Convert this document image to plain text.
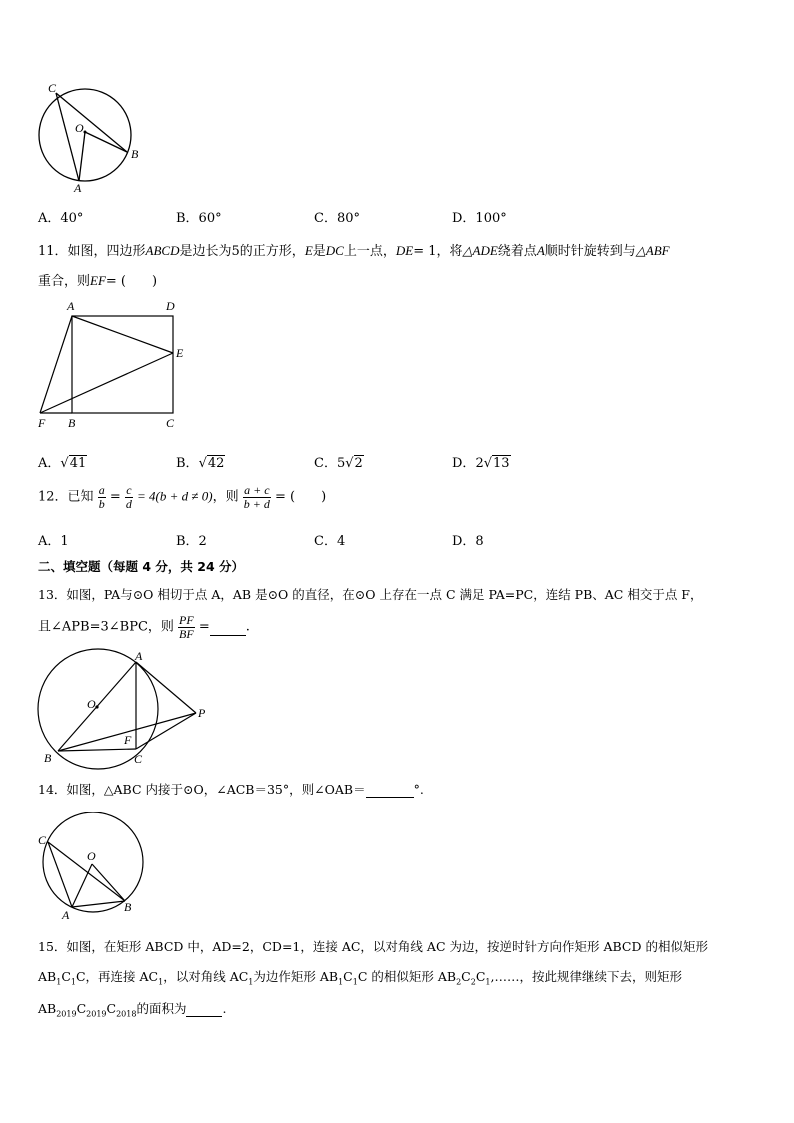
C
O
B
A
A．40°	B．60°	C．80°	D．100°
11．如图，四边形ABCD是边长为5的正方形，E是DC上一点，DE= 1，将△ADE绕着点A顺时针旋转到与△ABF
重合，则EF= (　　)
A	D
E
F B	C
A．√41	B．√42	C．5√2	D．2√13
12．已知 $\frac{a}{b} = \frac{c}{d} = 4(b + d \ne 0)$，则 $\frac{a + c}{b + d}$ = (　　)
A．1	B．2	C．4	D．8
二、填空题（每题 4 分，共 24 分）
13．如图，PA与⊙O 相切于点 A，AB 是⊙O 的直径，在⊙O 上存在一点 C 满足 PA=PC，连结 PB、AC 相交于点 F，
且∠APB=3∠BPC，则 $\frac{PF}{BF}$ =	.
A
O
P
F
B	C
14．如图，△ABC 内接于⊙O，∠ACB＝35°，则∠OAB＝	°.
C
O
A
B
15．如图，在矩形 ABCD 中，AD=2，CD=1，连接 AC，以对角线 AC 为边，按逆时针方向作矩形 ABCD 的相似矩形
$AB_1C_1C$，再连接 $AC_1$，以对角线 $AC_1$为边作矩形 $AB_1C_1C$ 的相似矩形 $AB_2C_2C_1,\dots\dots$，按此规律继续下去，则矩形
$AB_{2019}C_{2019}C_{2018}$的面积为	.
